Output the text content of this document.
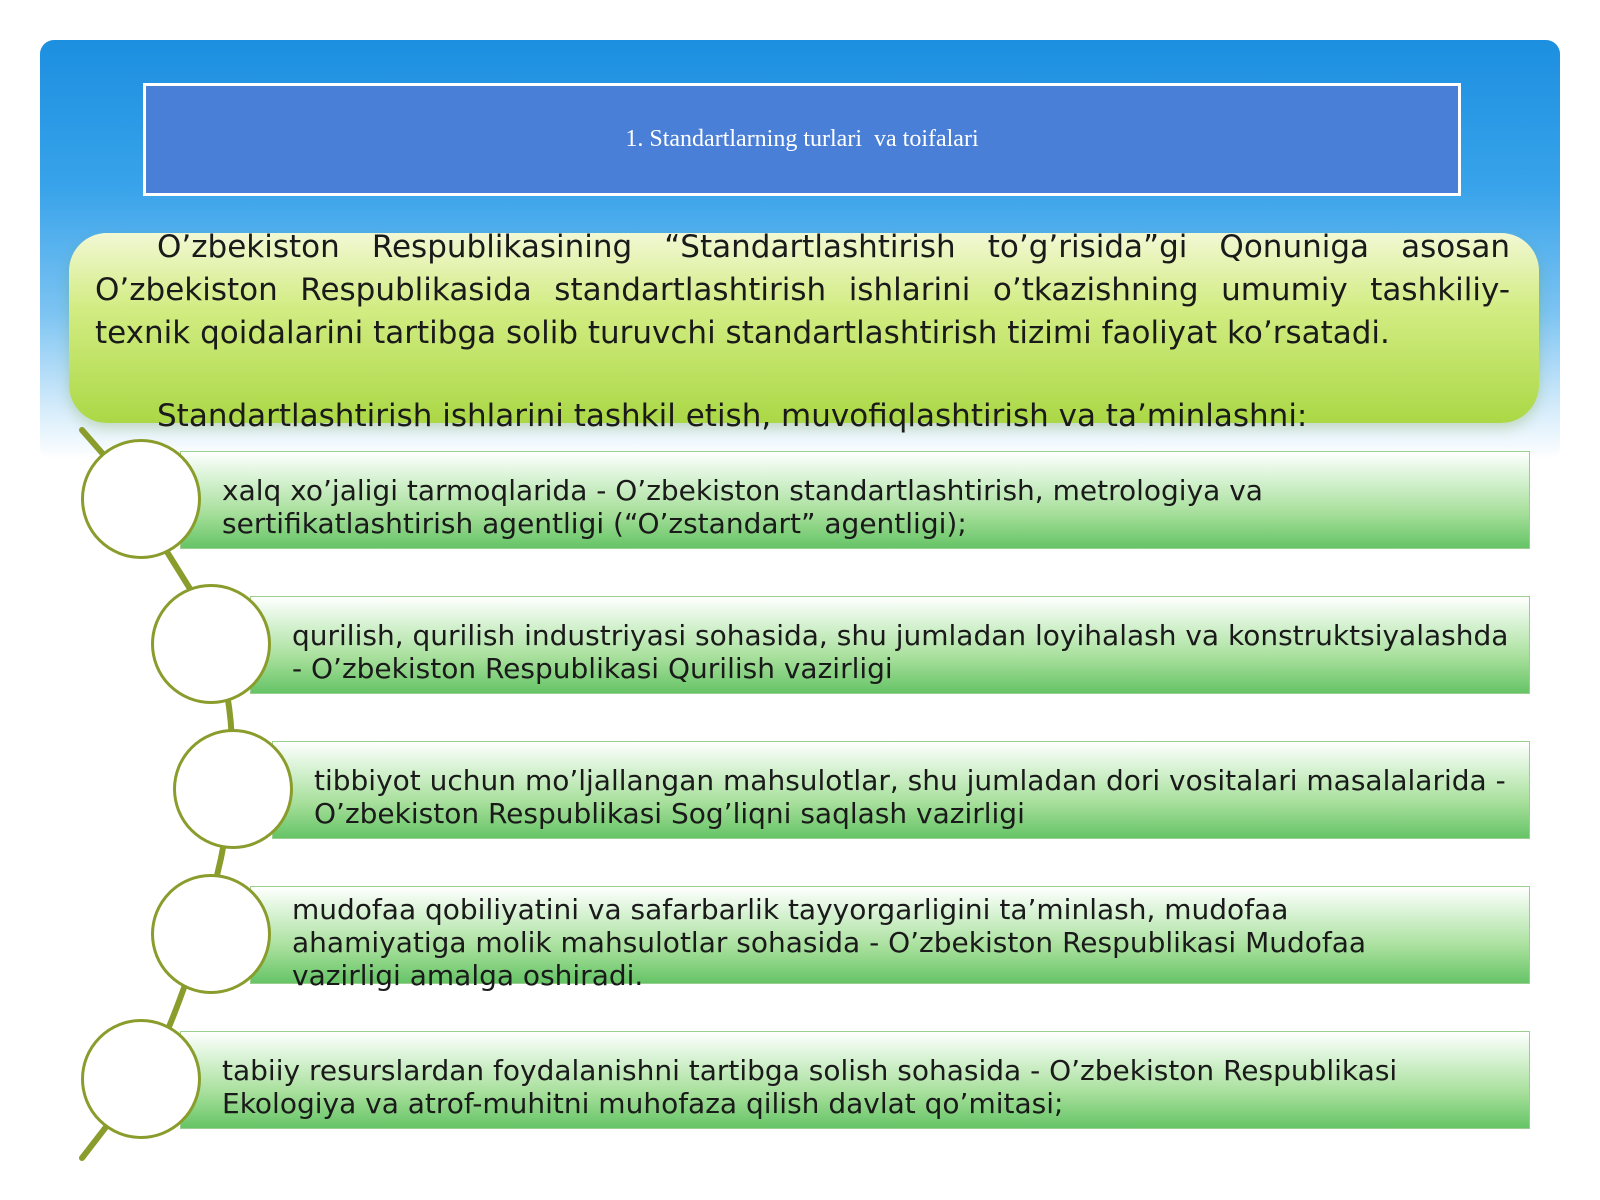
1. Standartlarning turlari  va toifalari
O’zbekiston Respublikasining “Standartlashtirish to’g’risida”gi Qonuniga asosan O’zbekiston Respublikasida standartlashtirish ishlarini o’tkazishning umumiy tashkiliy-texnik qoidalarini tartibga solib turuvchi standartlashtirish tizimi faoliyat ko’rsatadi.
Standartlashtirish ishlarini tashkil etish, muvofiqlashtirish va ta’minlashni:
xalq xo’jaligi tarmoqlarida - O’zbekiston standartlashtirish, metrologiya va sertifikatlashtirish agentligi (“O’zstandart” agentligi);
qurilish, qurilish industriyasi sohasida, shu jumladan loyihalash va konstruktsiyalashda - O’zbekiston Respublikasi Qurilish vazirligi
tibbiyot uchun mo’ljallangan mahsulotlar, shu jumladan dori vositalari masalalarida - O’zbekiston Respublikasi Sog’liqni saqlash vazirligi
mudofaa qobiliyatini va safarbarlik tayyorgarligini ta’minlash, mudofaa ahamiyatiga molik mahsulotlar sohasida - O’zbekiston Respublikasi Mudofaa vazirligi amalga oshiradi.
tabiiy resurslardan foydalanishni tartibga solish sohasida - O’zbekiston Respublikasi Ekologiya va atrof-muhitni muhofaza qilish davlat qo’mitasi;
